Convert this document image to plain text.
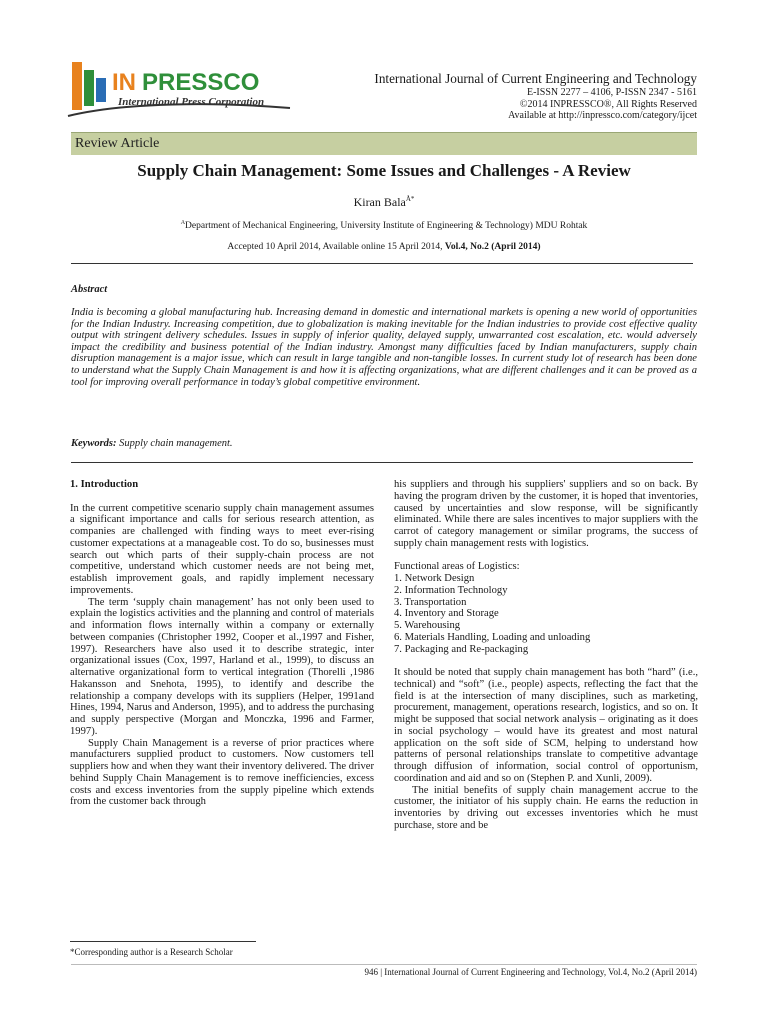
IN PRESSCO
International Press Corporation
International Journal of Current Engineering and Technology
E-ISSN 2277 – 4106, P-ISSN 2347 - 5161
©2014 INPRESSCO®, All Rights Reserved
Available at http://inpressco.com/category/ijcet
Review Article
Supply Chain Management: Some Issues and Challenges - A Review
Kiran Bala$^{Å*}$
$^A$Department of Mechanical Engineering, University Institute of Engineering & Technology) MDU Rohtak
Accepted 10 April 2014, Available online 15 April 2014, Vol.4, No.2 (April 2014)
Abstract
India is becoming a global manufacturing hub. Increasing demand in domestic and international markets is opening a new world of opportunities for the Indian Industry. Increasing competition, due to globalization is making inevitable for the Indian industries to provide cost effective quality output with stringent delivery schedules. Issues in supply of inferior quality, delayed supply, unwarranted cost escalation, etc. would adversely impact the credibility and business potential of the Indian industry. Amongst many difficulties faced by Indian manufacturers, supply chain disruption management is a major issue, which can result in large tangible and non-tangible losses. In current study lot of research has been done to understand what the Supply Chain Management is and how it is affecting organizations, what are different challenges and it can be proved as a tool for improving overall performance in today’s global competitive environment.
Keywords: Supply chain management.
1. Introduction

In the current competitive scenario supply chain management assumes a significant importance and calls for serious research attention, as companies are challenged with finding ways to meet ever-rising customer expectations at a manageable cost. To do so, businesses must search out which parts of their supply-chain process are not competitive, understand which customer needs are not being met, establish improvement goals, and rapidly implement necessary improvements.

The term ‘supply chain management’ has not only been used to explain the logistics activities and the planning and control of materials and information flows internally within a company or externally between companies (Christopher 1992, Cooper et al.,1997 and Fisher, 1997). Researchers have also used it to describe strategic, inter organizational issues (Cox, 1997, Harland et al., 1999), to discuss an alternative organizational form to vertical integration (Thorelli ,1986 Hakansson and Snehota, 1995), to identify and describe the relationship a company develops with its suppliers (Helper, 1991and Hines, 1994, Narus and Anderson, 1995), and to address the purchasing and supply perspective (Morgan and Monczka, 1996 and Farmer, 1997).

Supply Chain Management is a reverse of prior practices where manufacturers supplied product to customers. Now customers tell suppliers how and when they want their inventory delivered. The driver behind Supply Chain Management is to remove inefficiencies, excess costs and excess inventories from the supply pipeline which extends from the customer back through

his suppliers and through his suppliers' suppliers and so on back. By having the program driven by the customer, it is hoped that inventories, caused by uncertainties and slow response, will be significantly eliminated. While there are sales incentives to major suppliers with the carrot of category management or similar programs, the success of supply chain management rests with logistics.

Functional areas of Logistics:

1. Network Design
2. Information Technology
3. Transportation
4. Inventory and Storage
5. Warehousing
6. Materials Handling, Loading and unloading
7. Packaging and Re-packaging

It should be noted that supply chain management has both “hard” (i.e., technical) and “soft” (i.e., people) aspects, reflecting the fact that the field is at the intersection of many disciplines, such as marketing, procurement, management, operations research, logistics, and so on. It might be supposed that social network analysis – originating as it does in social psychology – would have its greatest and most natural application on the soft side of SCM, helping to understand how patterns of personal relationships translate to competitive advantage through diffusion of information, social control of opportunism, coordination and aid and so on (Stephen P. and Xunli, 2009).

The initial benefits of supply chain management accrue to the customer, the initiator of his supply chain. He earns the reduction in inventories by driving out excesses inventories which he must purchase, store and be

*Corresponding author is a Research Scholar
946 | International Journal of Current Engineering and Technology, Vol.4, No.2 (April 2014)
